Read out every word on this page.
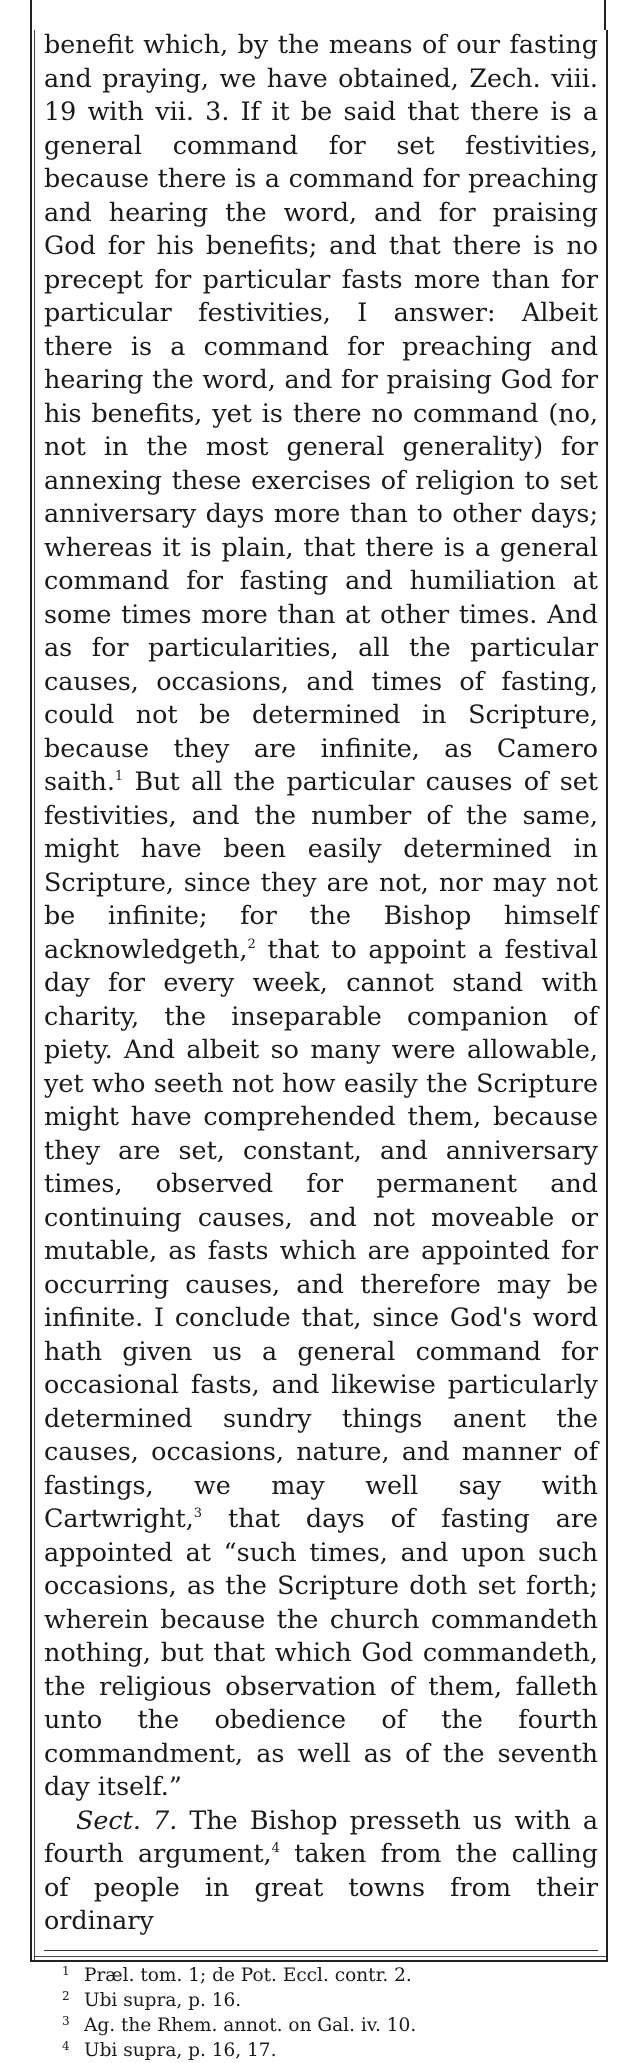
benefit which, by the means of our fasting and praying, we have obtained, Zech. viii. 19 with vii. 3. If it be said that there is a general command for set festivities, because there is a command for preaching and hearing the word, and for praising God for his benefits; and that there is no precept for particular fasts more than for particular festivities, I answer: Albeit there is a command for preaching and hearing the word, and for praising God for his benefits, yet is there no command (no, not in the most general generality) for annexing these exercises of religion to set anniversary days more than to other days; whereas it is plain, that there is a general command for fasting and humiliation at some times more than at other times. And as for particularities, all the particular causes, occasions, and times of fasting, could not be determined in Scripture, because they are infinite, as Camero saith.$^1$ But all the particular causes of set festivities, and the number of the same, might have been easily determined in Scripture, since they are not, nor may not be infinite; for the Bishop himself acknowledgeth,$^2$ that to appoint a festival day for every week, cannot stand with charity, the inseparable companion of piety. And albeit so many were allowable, yet who seeth not how easily the Scripture might have comprehended them, because they are set, constant, and anniversary times, observed for permanent and continuing causes, and not moveable or mutable, as fasts which are appointed for occurring causes, and therefore may be infinite. I conclude that, since God's word hath given us a general command for occasional fasts, and likewise particularly determined sundry things anent the causes, occasions, nature, and manner of fastings, we may well say with Cartwright,$^3$ that days of fasting are appointed at “such times, and upon such occasions, as the Scripture doth set forth; wherein because the church commandeth nothing, but that which God commandeth, the religious observation of them, falleth unto the obedience of the fourth commandment, as well as of the seventh day itself.”

Sect. 7. The Bishop presseth us with a fourth argument,$^4$ taken from the calling of people in great towns from their ordinary

1 Præl. tom. 1; de Pot. Eccl. contr. 2.
2 Ubi supra, p. 16.
3 Ag. the Rhem. annot. on Gal. iv. 10.
4 Ubi supra, p. 16, 17.
